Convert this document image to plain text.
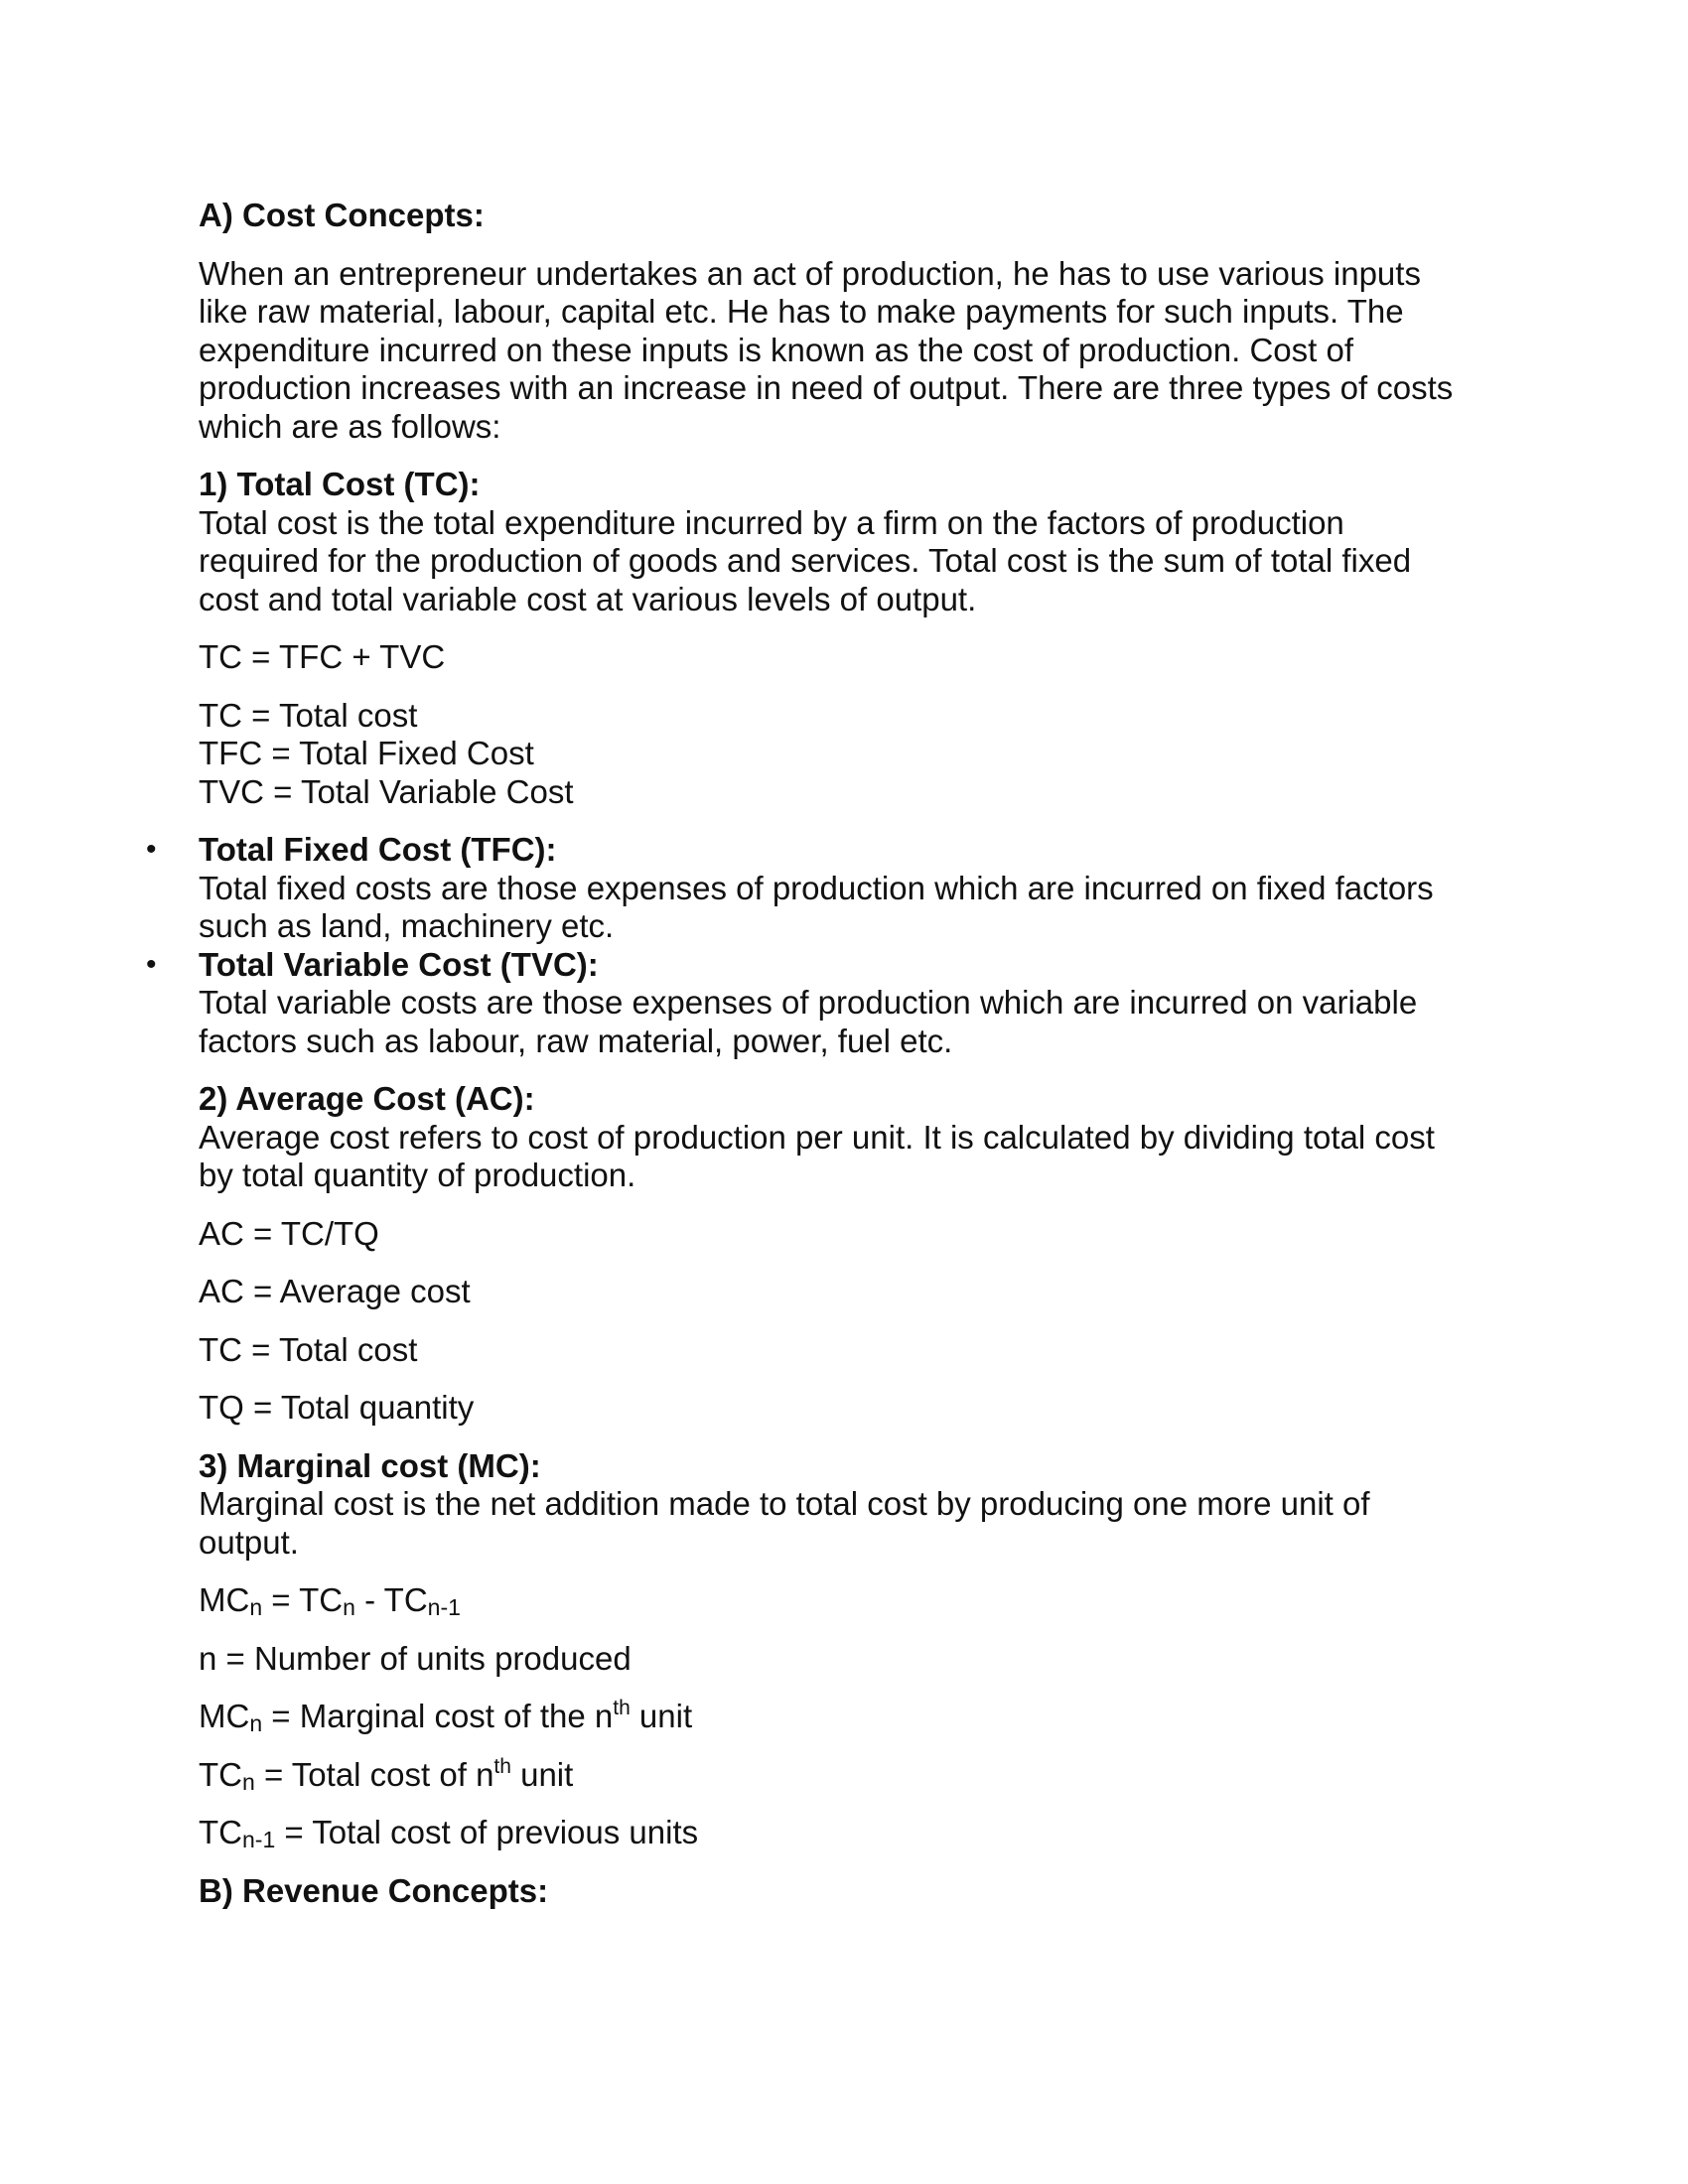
A) Cost Concepts:
When an entrepreneur undertakes an act of production, he has to use various inputs
like raw material, labour, capital etc. He has to make payments for such inputs. The
expenditure incurred on these inputs is known as the cost of production. Cost of
production increases with an increase in need of output. There are three types of costs
which are as follows:
1) Total Cost (TC):
Total cost is the total expenditure incurred by a firm on the factors of production
required for the production of goods and services. Total cost is the sum of total fixed
cost and total variable cost at various levels of output.
TC = TFC + TVC
TC = Total cost
TFC = Total Fixed Cost
TVC = Total Variable Cost
• Total Fixed Cost (TFC):
Total fixed costs are those expenses of production which are incurred on fixed factors
such as land, machinery etc.
• Total Variable Cost (TVC):
Total variable costs are those expenses of production which are incurred on variable
factors such as labour, raw material, power, fuel etc.
2) Average Cost (AC):
Average cost refers to cost of production per unit. It is calculated by dividing total cost
by total quantity of production.
AC = TC/TQ
AC = Average cost
TC = Total cost
TQ = Total quantity
3) Marginal cost (MC):
Marginal cost is the net addition made to total cost by producing one more unit of
output.
MCn = TCn - TCn-1
n = Number of units produced
MCn = Marginal cost of the $n^{th}$ unit
TCn = Total cost of $n^{th}$ unit
TCn-1 = Total cost of previous units
B) Revenue Concepts:
